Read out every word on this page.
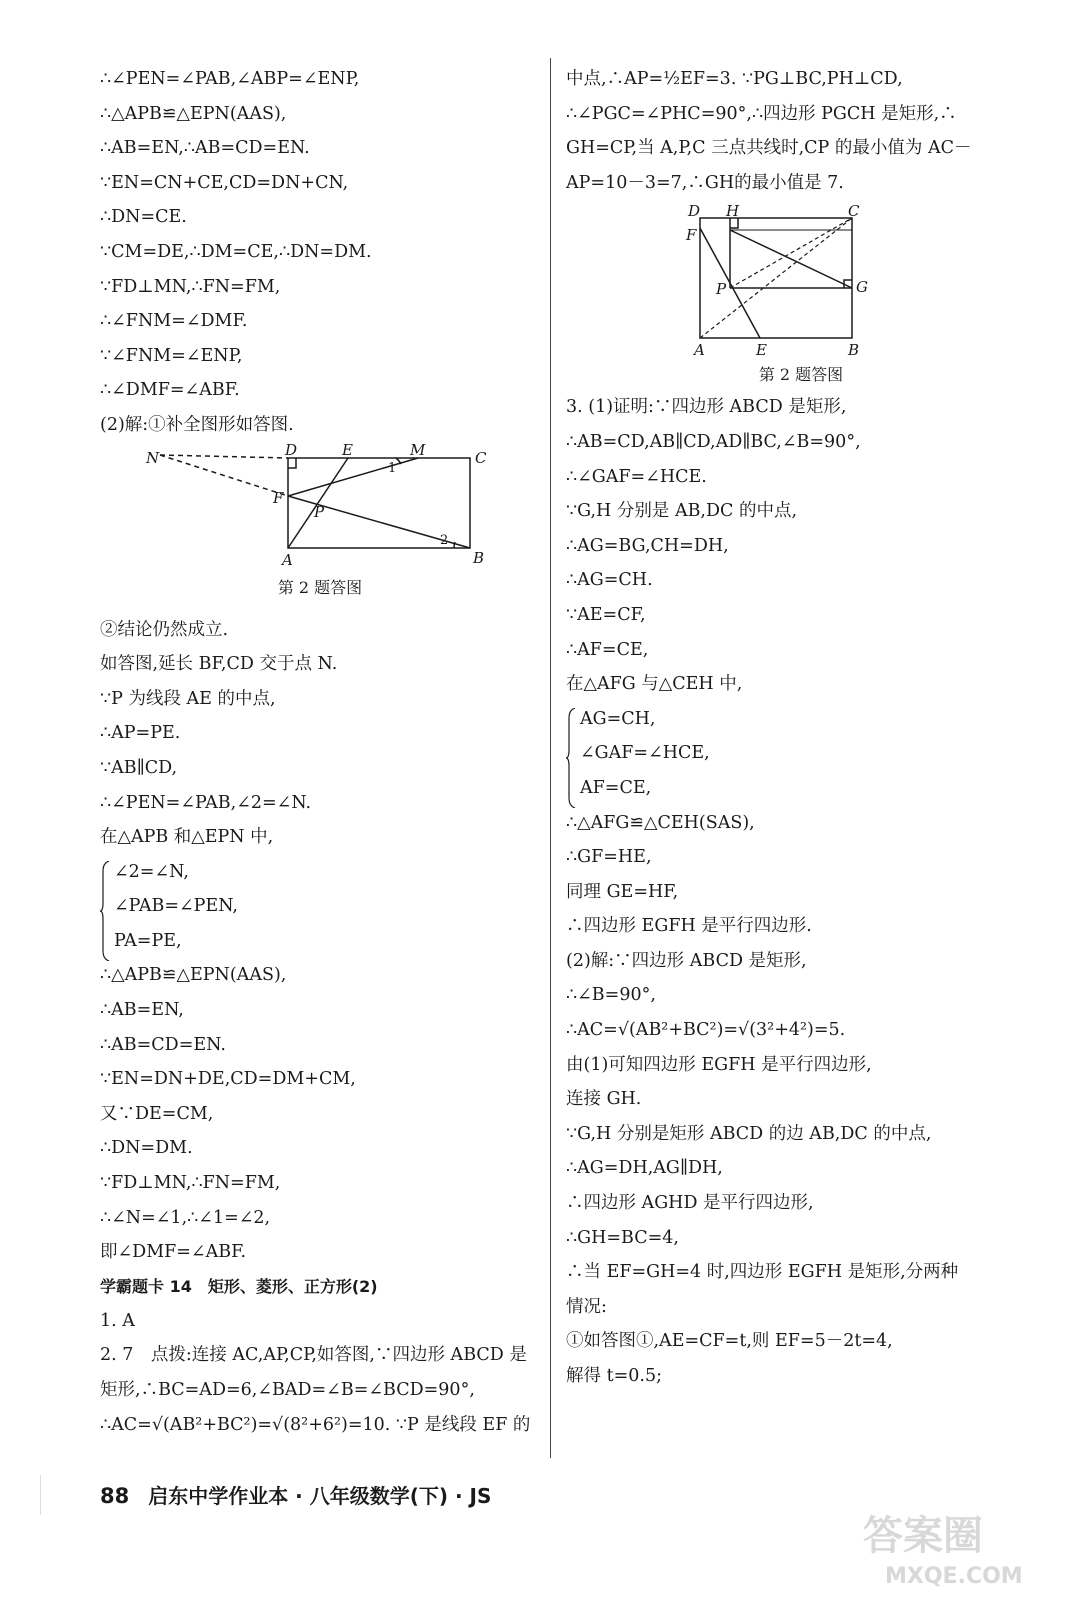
∴∠PEN=∠PAB,∠ABP=∠ENP,
∴△APB≌△EPN(AAS),
∴AB=EN,∴AB=CD=EN.
∵EN=CN+CE,CD=DN+CN,
∴DN=CE.
∵CM=DE,∴DM=CE,∴DN=DM.
∵FD⊥MN,∴FN=FM,
∴∠FNM=∠DMF.
∵∠FNM=∠ENP,
∴∠DMF=∠ABF.
(2)解:①补全图形如答图.
N	D	E	M	C
F
P
A	B
1
2
第 2 题答图
②结论仍然成立.
如答图,延长 BF,CD 交于点 N.
∵P 为线段 AE 的中点,
∴AP=PE.
∵AB∥CD,
∴∠PEN=∠PAB,∠2=∠N.
在△APB 和△EPN 中,
∠2=∠N,
∠PAB=∠PEN,
PA=PE,
∴△APB≌△EPN(AAS),
∴AB=EN,
∴AB=CD=EN.
∵EN=DN+DE,CD=DM+CM,
又∵DE=CM,
∴DN=DM.
∵FD⊥MN,∴FN=FM,
∴∠N=∠1,∴∠1=∠2,
即∠DMF=∠ABF.
学霸题卡 14　矩形、菱形、正方形(2)
1. A
2. 7　点拨:连接 AC,AP,CP,如答图,∵四边形 ABCD 是
矩形,∴BC=AD=6,∠BAD=∠B=∠BCD=90°,
∴AC=√(AB²+BC²)=√(8²+6²)=10. ∵P 是线段 EF 的
中点,∴AP=½EF=3. ∵PG⊥BC,PH⊥CD,
∴∠PGC=∠PHC=90°,∴四边形 PGCH 是矩形,∴
GH=CP,当 A,P,C 三点共线时,CP 的最小值为 AC－
AP=10－3=7,∴GH的最小值是 7.
D H	C
F
G
P
A	E	B
第 2 题答图
3. (1)证明:∵四边形 ABCD 是矩形,
∴AB=CD,AB∥CD,AD∥BC,∠B=90°,
∴∠GAF=∠HCE.
∵G,H 分别是 AB,DC 的中点,
∴AG=BG,CH=DH,
∴AG=CH.
∵AE=CF,
∴AF=CE,
在△AFG 与△CEH 中,
AG=CH,
∠GAF=∠HCE,
AF=CE,
∴△AFG≌△CEH(SAS),
∴GF=HE,
同理 GE=HF,
∴四边形 EGFH 是平行四边形.
(2)解:∵四边形 ABCD 是矩形,
∴∠B=90°,
∴AC=√(AB²+BC²)=√(3²+4²)=5.
由(1)可知四边形 EGFH 是平行四边形,
连接 GH.
∵G,H 分别是矩形 ABCD 的边 AB,DC 的中点,
∴AG=DH,AG∥DH,
∴四边形 AGHD 是平行四边形,
∴GH=BC=4,
∴当 EF=GH=4 时,四边形 EGFH 是矩形,分两种
情况:
①如答图①,AE=CF=t,则 EF=5－2t=4,
解得 t=0.5;
88 启东中学作业本 · 八年级数学(下) · JS
答案圈
MXQE.COM
